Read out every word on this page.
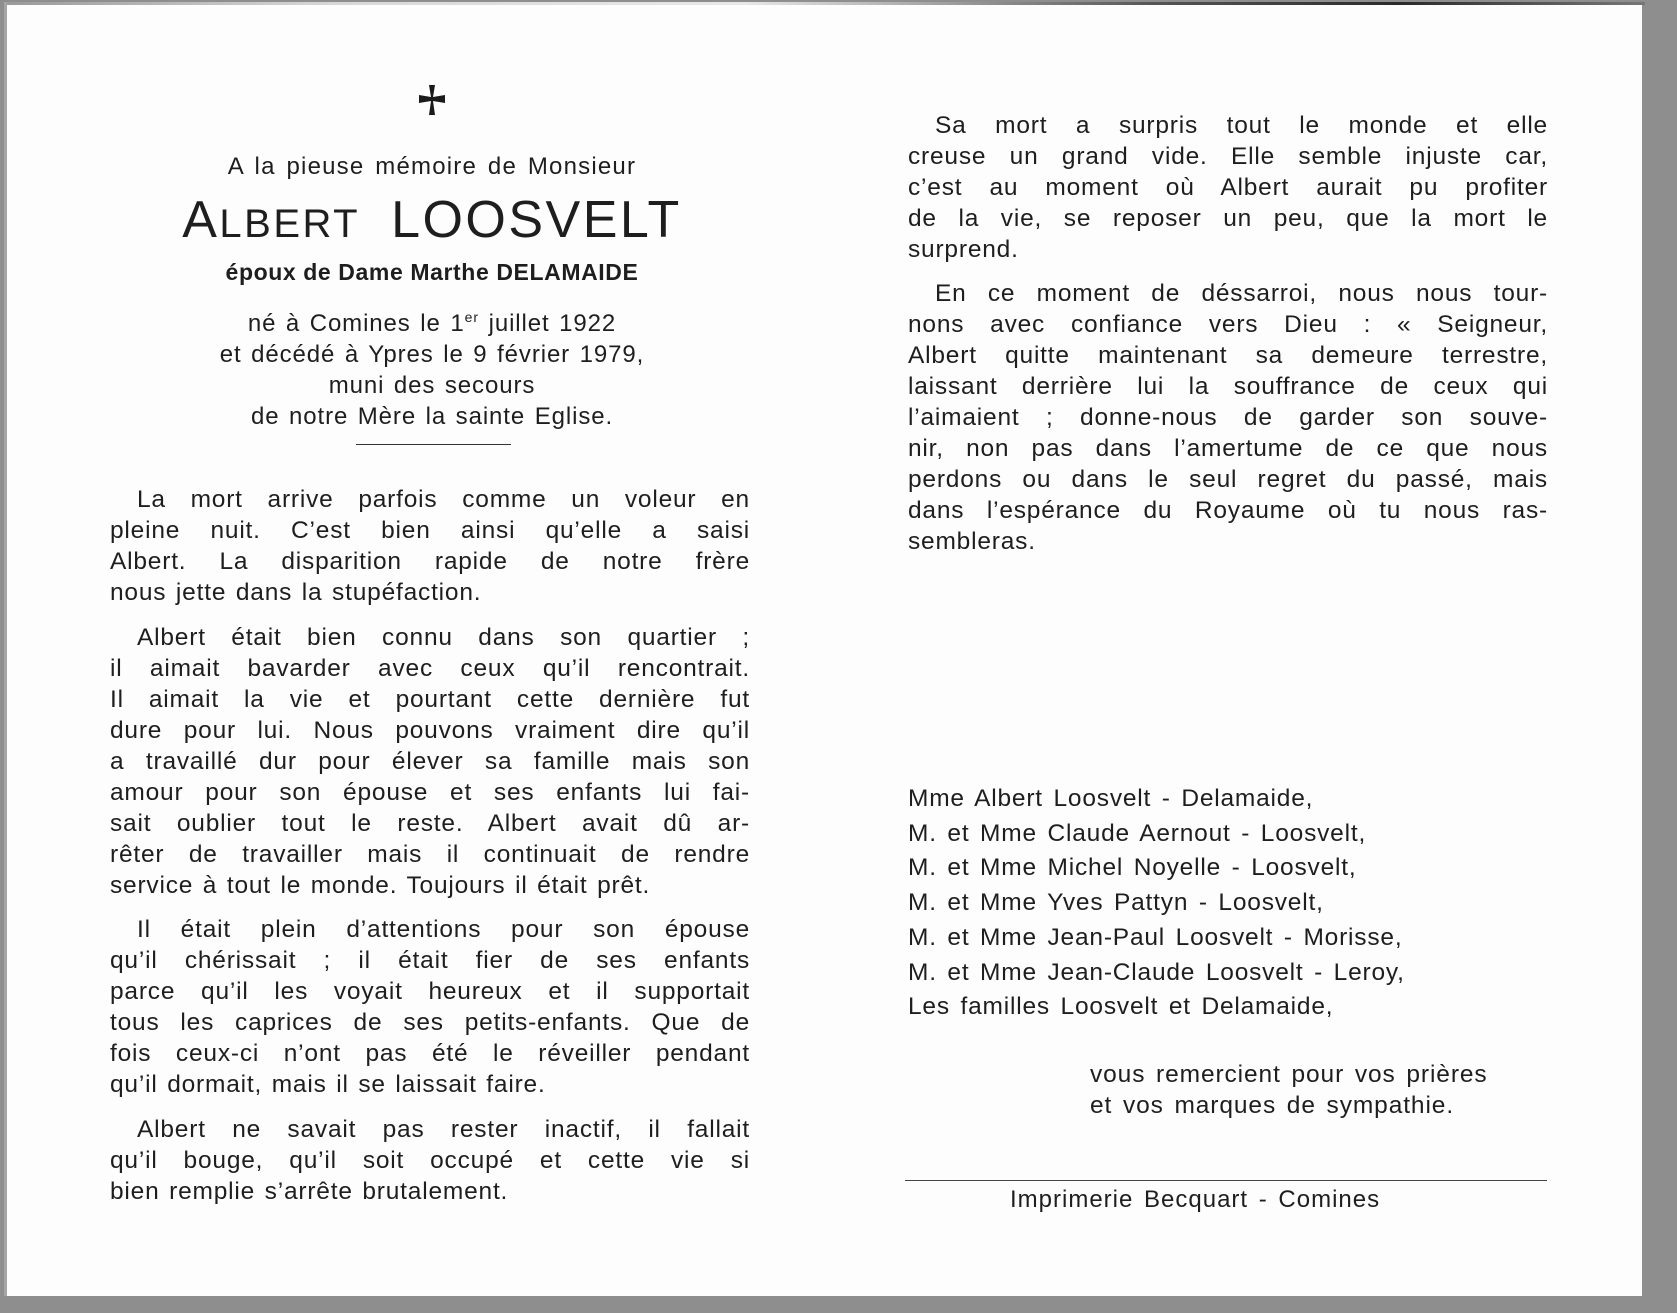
A la pieuse mémoire de Monsieur
ALBERT LOOSVELT
époux de Dame Marthe DELAMAIDE
né à Comines le 1er juillet 1922
et décédé à Ypres le 9 février 1979,
muni des secours
de notre Mère la sainte Eglise.
La mort arrive parfois comme un voleur en
pleine nuit. C’est bien ainsi qu’elle a saisi
Albert. La disparition rapide de notre frère
nous jette dans la stupéfaction.
Albert était bien connu dans son quartier ;
il aimait bavarder avec ceux qu’il rencontrait.
Il aimait la vie et pourtant cette dernière fut
dure pour lui. Nous pouvons vraiment dire qu’il
a travaillé dur pour élever sa famille mais son
amour pour son épouse et ses enfants lui fai-
sait oublier tout le reste. Albert avait dû ar-
rêter de travailler mais il continuait de rendre
service à tout le monde. Toujours il était prêt.
Il était plein d’attentions pour son épouse
qu’il chérissait ; il était fier de ses enfants
parce qu’il les voyait heureux et il supportait
tous les caprices de ses petits-enfants. Que de
fois ceux-ci n’ont pas été le réveiller pendant
qu’il dormait, mais il se laissait faire.
Albert ne savait pas rester inactif, il fallait
qu’il bouge, qu’il soit occupé et cette vie si
bien remplie s’arrête brutalement.
Sa mort a surpris tout le monde et elle
creuse un grand vide. Elle semble injuste car,
c’est au moment où Albert aurait pu profiter
de la vie, se reposer un peu, que la mort le
surprend.
En ce moment de déssarroi, nous nous tour-
nons avec confiance vers Dieu : « Seigneur,
Albert quitte maintenant sa demeure terrestre,
laissant derrière lui la souffrance de ceux qui
l’aimaient ; donne-nous de garder son souve-
nir, non pas dans l’amertume de ce que nous
perdons ou dans le seul regret du passé, mais
dans l’espérance du Royaume où tu nous ras-
sembleras.
Mme Albert Loosvelt - Delamaide,
M. et Mme Claude Aernout - Loosvelt,
M. et Mme Michel Noyelle - Loosvelt,
M. et Mme Yves Pattyn - Loosvelt,
M. et Mme Jean-Paul Loosvelt - Morisse,
M. et Mme Jean-Claude Loosvelt - Leroy,
Les familles Loosvelt et Delamaide,
vous remercient pour vos prières
et vos marques de sympathie.
Imprimerie Becquart - Comines
